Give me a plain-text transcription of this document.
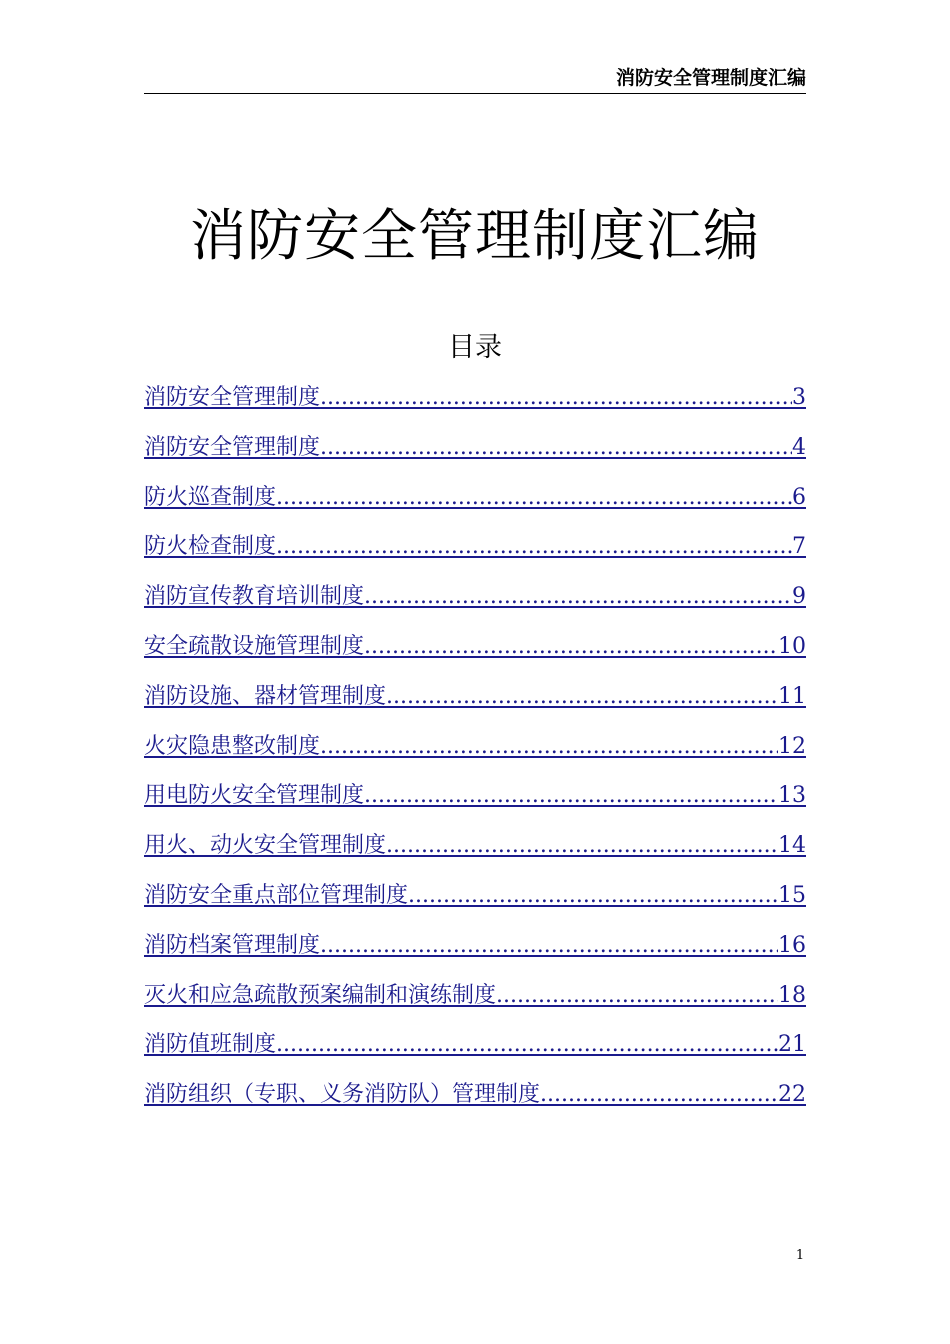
消防安全管理制度汇编
消防安全管理制度汇编
目录
消防安全管理制度 .....	3
消防安全管理制度 .....	4
防火巡查制度 .....	6
防火检查制度 .....	7
消防宣传教育培训制度 .....	9
安全疏散设施管理制度 .....	10
消防设施、器材管理制度 .....	11
火灾隐患整改制度 .....	12
用电防火安全管理制度 .....	13
用火、动火安全管理制度 .....	14
消防安全重点部位管理制度 .....	15
消防档案管理制度 .....	16
灭火和应急疏散预案编制和演练制度 .....	18
消防值班制度 .....	21
消防组织（专职、义务消防队）管理制度 .....	22
1
